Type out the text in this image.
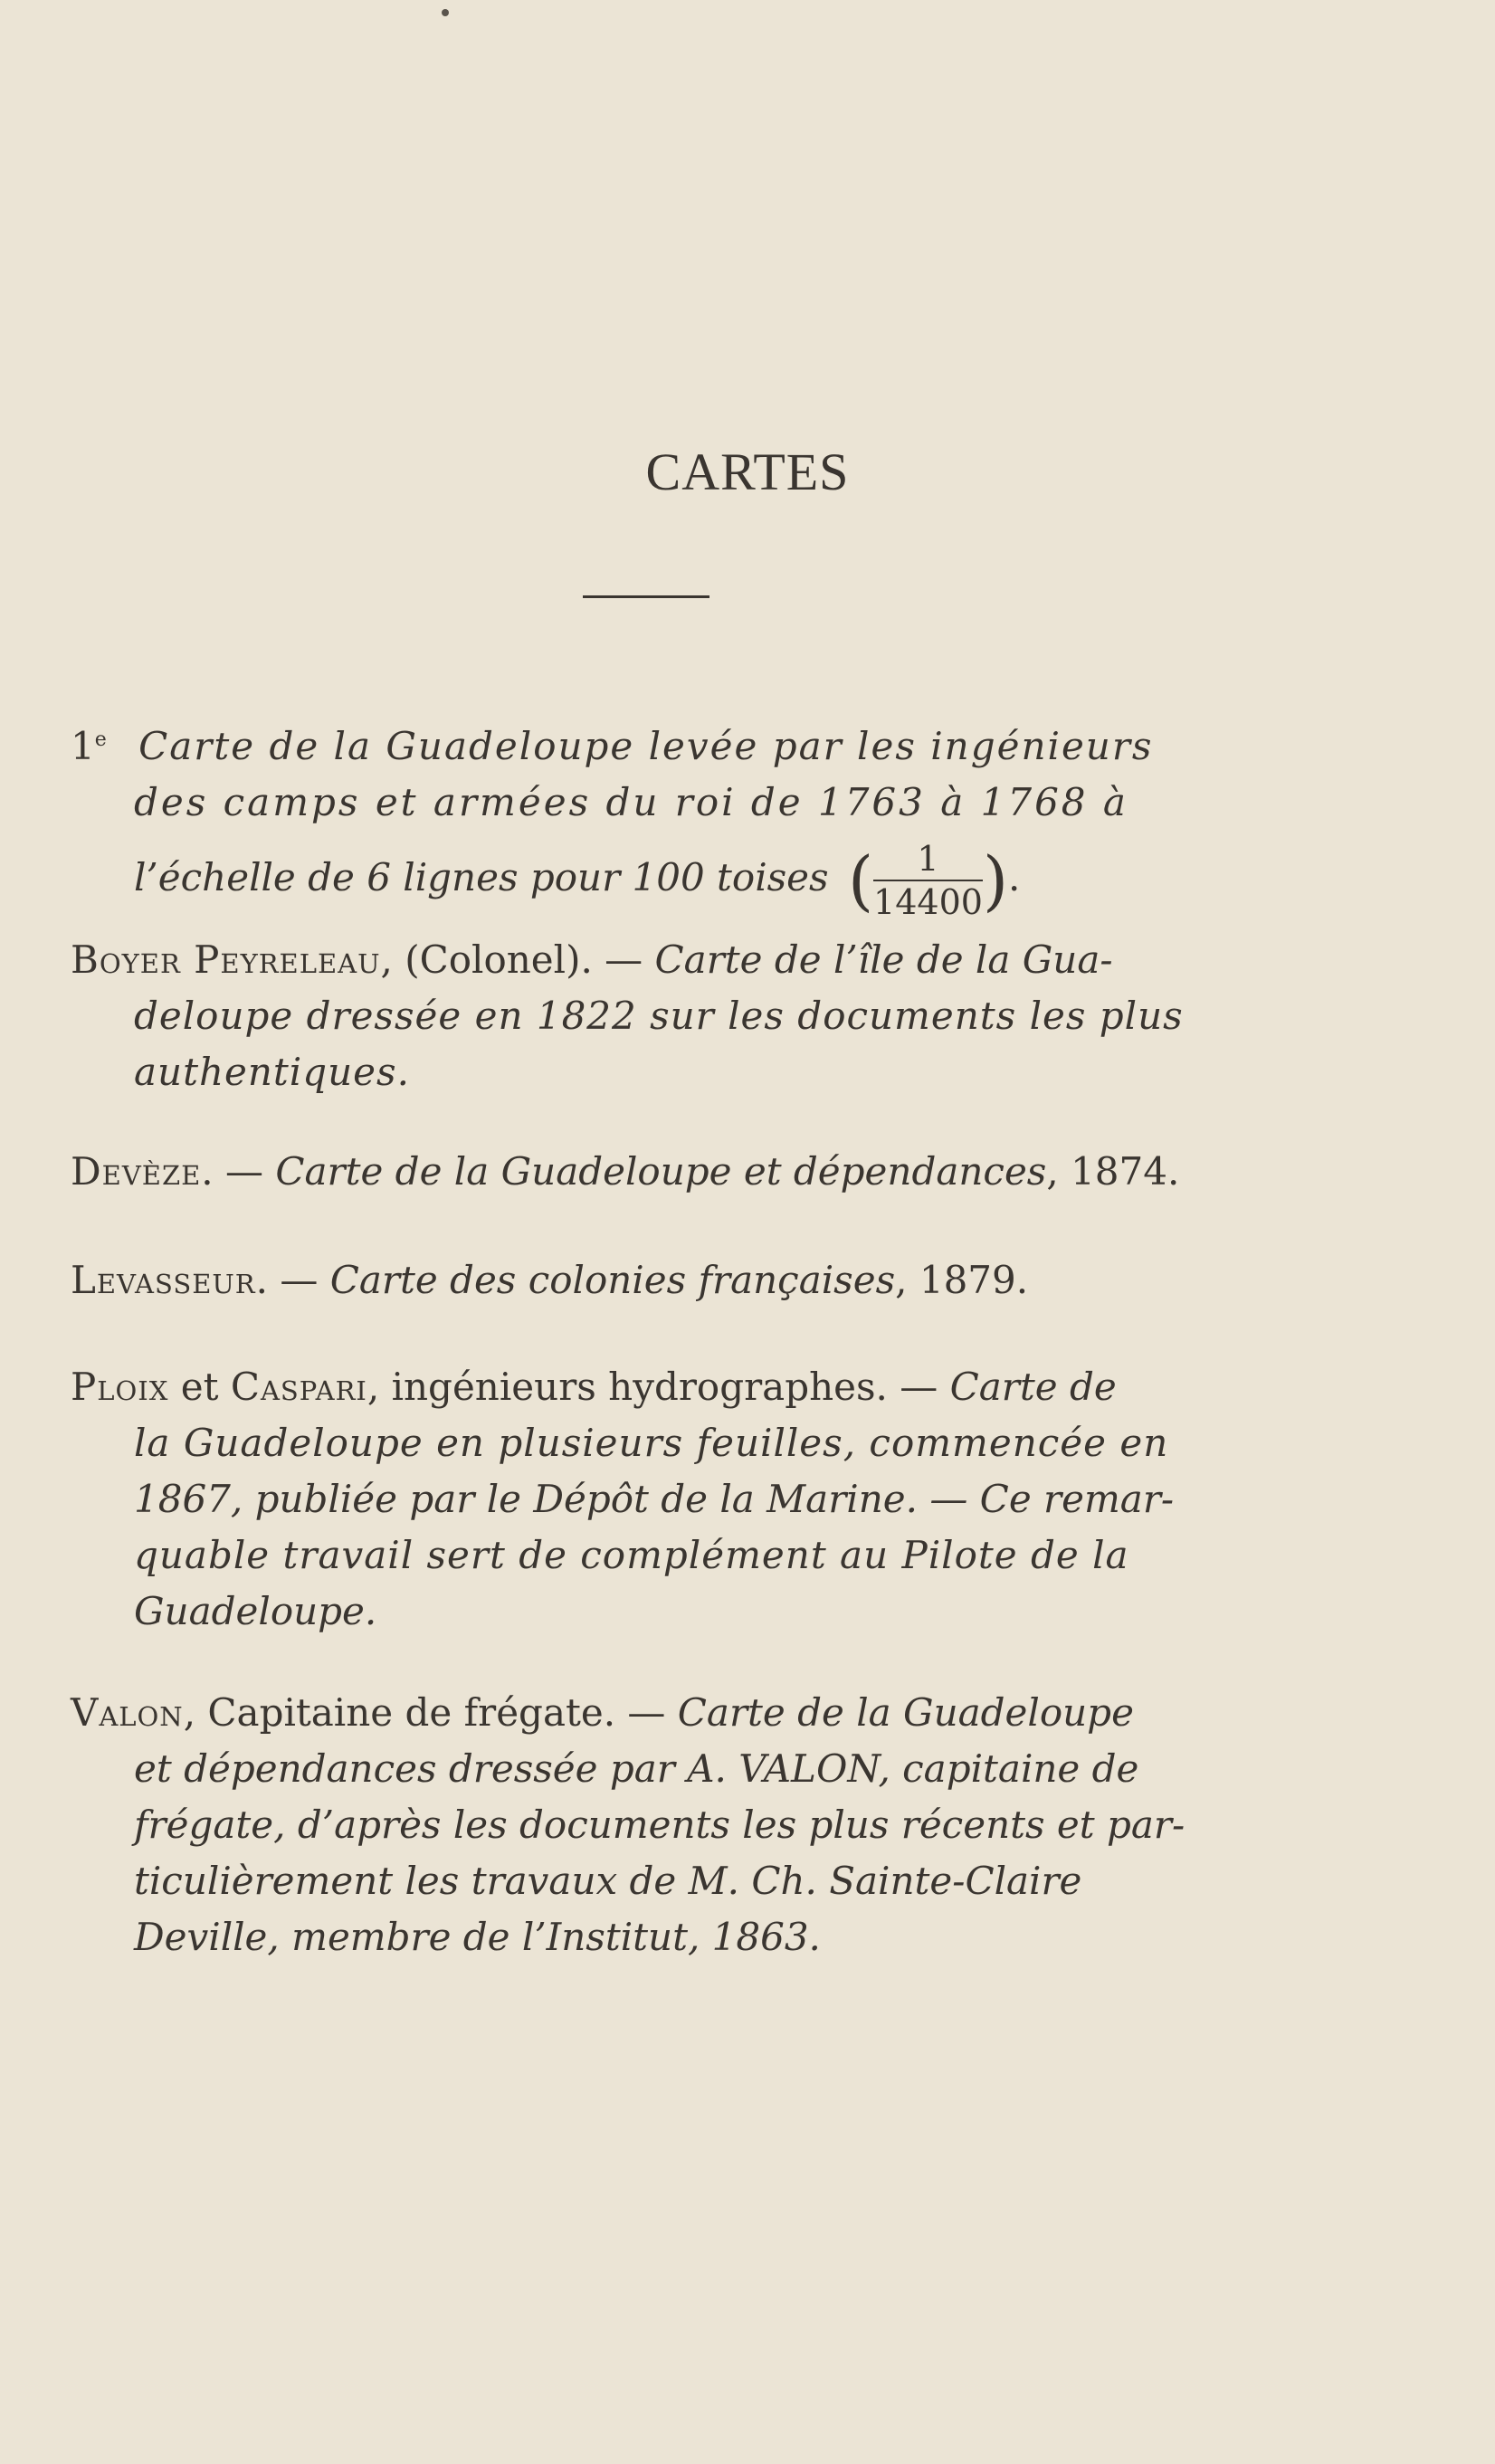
CARTES
1e Carte de la Guadeloupe levée par les ingénieurs
des camps et armées du roi de 1763 à 1768 à
l’échelle de 6 lignes pour 100 toises ( $\frac{1}{14400}$ ).
Boyer Peyreleau, (Colonel). — Carte de l’île de la Gua-
deloupe dressée en 1822 sur les documents les plus
authentiques.
Devèze. — Carte de la Guadeloupe et dépendances, 1874.
Levasseur. — Carte des colonies françaises, 1879.
Ploix et Caspari, ingénieurs hydrographes. — Carte de
la Guadeloupe en plusieurs feuilles, commencée en
1867, publiée par le Dépôt de la Marine. — Ce remar-
quable travail sert de complément au Pilote de la
Guadeloupe.
Valon, Capitaine de frégate. — Carte de la Guadeloupe
et dépendances dressée par A. VALON, capitaine de
frégate, d’après les documents les plus récents et par-
ticulièrement les travaux de M. Ch. Sainte-Claire
Deville, membre de l’Institut, 1863.
